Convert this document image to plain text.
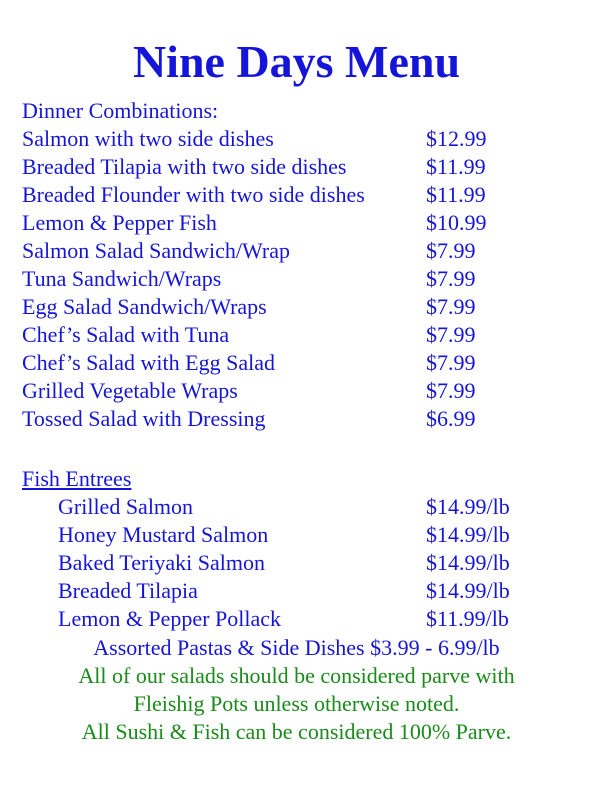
Nine Days Menu
Dinner Combinations:
Salmon with two side dishes	$12.99
Breaded Tilapia with two side dishes	$11.99
Breaded Flounder with two side dishes	$11.99
Lemon & Pepper Fish	$10.99
Salmon Salad Sandwich/Wrap	$7.99
Tuna Sandwich/Wraps	$7.99
Egg Salad Sandwich/Wraps	$7.99
Chef’s Salad with Tuna	$7.99
Chef’s Salad with Egg Salad	$7.99
Grilled Vegetable Wraps	$7.99
Tossed Salad with Dressing	$6.99
Fish Entrees
Grilled Salmon	$14.99/lb
Honey Mustard Salmon	$14.99/lb
Baked Teriyaki Salmon	$14.99/lb
Breaded Tilapia	$14.99/lb
Lemon & Pepper Pollack	$11.99/lb
Assorted Pastas & Side Dishes $3.99 - 6.99/lb
All of our salads should be considered parve with
Fleishig Pots unless otherwise noted.
All Sushi & Fish can be considered 100% Parve.
